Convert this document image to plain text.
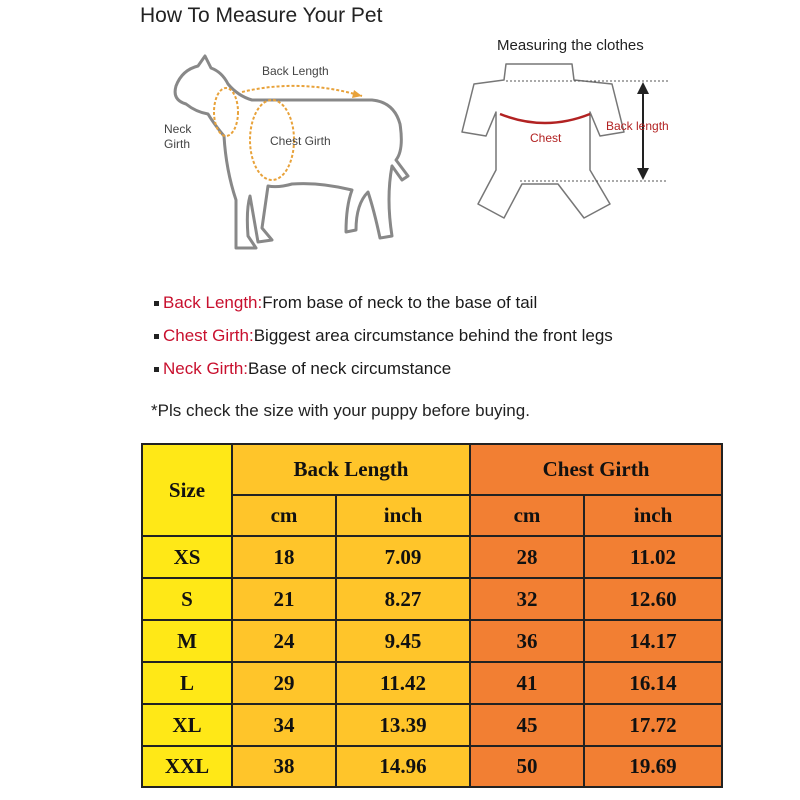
How To Measure Your Pet
Back Length
Neck
Girth	Chest Girth
Measuring the clothes
Chest
Back length
Back Length:From base of neck to the base of tail
Chest Girth:Biggest area circumstance behind the front legs
Neck Girth:Base of neck circumstance
*Pls check the size with your puppy before buying.
Size	Back Length		Chest Girth	
	cm	inch	cm	inch
XS	18	7.09	28	11.02
S	21	8.27	32	12.60
M	24	9.45	36	14.17
L	29	11.42	41	16.14
XL	34	13.39	45	17.72
XXL	38	14.96	50	19.69
